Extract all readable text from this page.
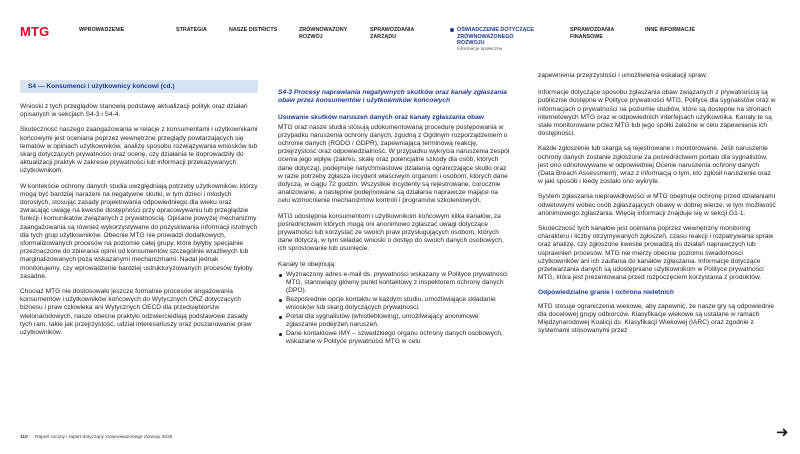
MTG	WPROWADZENIE	STRATEGIA	NASZE DISTRICTS	ZRÓWNOWAŻONY ROZWÓJ
SPRAWOZDANIA ZARZĄDU
OŚWIADCZENIE DOTYCZĄCE ZRÓWNOWAŻONEGO ROZWOJU
Informacje społeczne
SPRAWOZDANIA FINANSOWE
INNE INFORMACJE
S4 — Konsumenci i użytkownicy końcowi (cd.)

Wnioski z tych przeglądów stanowią podstawę aktualizacji polityk oraz działań opisanych w sekcjach S4-3 i S4-4.

Skuteczność naszego zaangażowania w relacje z konsumentami i użytkownikami końcowymi jest oceniana poprzez wewnętrzne przeglądy powtarzających się tematów w opiniach użytkowników, analizę sposobu rozwiązywania wniosków lub skarg dotyczących prywatności oraz ocenę, czy działania te doprowadziły do aktualizacji praktyk w zakresie prywatności lub informacji przekazywanych użytkownikom.

W kontekście ochrony danych studia uwzględniają potrzeby użytkowników, którzy mogą być bardziej narażeni na negatywne skutki, w tym dzieci i młodych dorosłych, stosując zasady projektowania odpowiedniego dla wieku oraz zwracając uwagę na kwestie dostępności przy opracowywaniu lub przeglądzie funkcji i komunikatów związanych z prywatnością. Opisane powyżej mechanizmy zaangażowania są również wykorzystywane do pozyskiwania informacji istotnych dla tych grup użytkowników. Obecnie MTG nie prowadzi dodatkowych, sformalizowanych procesów na poziomie całej grupy, które byłyby specjalnie przeznaczone do zbierania opinii od konsumentów szczególnie wrażliwych lub marginalizowanych poza wskazanymi mechanizmami. Nadal jednak monitorujemy, czy wprowadzenie bardziej ustrukturyzowanych procesów byłoby zasadne.

Chociaż MTG nie dostosowało jeszcze formalnie procesów angażowania konsumentów i użytkowników końcowych do Wytycznych ONZ dotyczących biznesu i praw człowieka ani Wytycznych OECD dla przedsiębiorstw wielonarodowych, nasze obecne praktyki odzwierciedlają podstawowe zasady tych ram, takie jak przejrzystość, udział interesariuszy oraz poszanowanie praw użytkowników.

S4-3 Procesy naprawiania negatywnych skutków oraz kanały zgłaszania obaw przez konsumentów i użytkowników końcowych
Usuwanie skutków naruszeń danych oraz kanały zgłaszania obaw

MTG oraz nasze studia stosują udokumentowaną procedurę postępowania w przypadku naruszenia ochrony danych, zgodną z Ogólnym rozporządzeniem o ochronie danych (RODO / GDPR), zapewniającą terminową reakcję, przejrzystość oraz odpowiedzialność. W przypadku wykrycia naruszenia zespół ocenia jego wpływ (zakres, skalę oraz potencjalne szkody dla osób, których dane dotyczą), podejmuje natychmiastowe działania ograniczające skutki oraz w razie potrzeby zgłasza incydent właściwym organom i osobom, których dane dotyczą, w ciągu 72 godzin. Wszystkie incydenty są rejestrowane, corocznie analizowane, a następnie podejmowane są działania naprawcze mające na celu wzmocnienie mechanizmów kontroli i programów szkoleniowych.

MTG udostępnia konsumentom i użytkownikom końcowym kilka kanałów, za pośrednictwem których mogą oni anonimowo zgłaszać uwagi dotyczące prywatności lub korzystać ze swoich praw przysługujących osobom, których dane dotyczą, w tym składać wnioski o dostęp do swoich danych osobowych, ich sprostowanie lub usunięcie.

Kanały te obejmują:
Wyznaczony adres e-mail ds. prywatności wskazany w Polityce prywatności MTG, stanowiący główny punkt kontaktowy z inspektorem ochrony danych (DPO).
Bezpośrednie opcje kontaktu w każdym studiu, umożliwiające składanie wniosków lub skarg dotyczących prywatności.
Portal dla sygnalistów (whistleblowing), umożliwiający anonimowe zgłaszanie podejrzeń naruszeń.
Dane kontaktowe IMY – szwedzkiego organu ochrony danych osobowych, wskazane w Polityce prywatności MTG w celu

zapewnienia przejrzystości i umożliwienia eskalacji spraw.

Informacje dotyczące sposobu zgłaszania obaw związanych z prywatnością są publicznie dostępne w Polityce prywatności MTG, Polityce dla sygnalistów oraz w informacjach o prywatności na poziomie studiów, które są dostępne na stronach internetowych MTG oraz w odpowiednich interfejsach użytkownika. Kanały te są stale monitorowane przez MTG lub jego spółki zależne w celu zapewnienia ich dostępności.

Każde zgłoszenie lub skarga są rejestrowane i monitorowane. Jeśli naruszenie ochrony danych zostanie zgłoszone za pośrednictwem portalu dla sygnalistów, jest ono odnotowywane w odpowiedniej Ocenie naruszenia ochrony danych (Data Breach Assessment), wraz z informacją o tym, kto zgłosił naruszenie oraz w jaki sposób i kiedy zostało ono wykryte.

System zgłaszania nieprawidłowości w MTG obejmuje ochronę przed działaniami odwetowymi wobec osób zgłaszających obawy w dobrej wierze, w tym możliwość anonimowego zgłaszania. Więcej informacji znajduje się w sekcji G1-1.

Skuteczność tych kanałów jest oceniana poprzez wewnętrzny monitoring charakteru i liczby otrzymywanych zgłoszeń, czasu reakcji i rozpatrywania spraw oraz analizę, czy zgłoszone kwestie prowadzą do działań naprawczych lub usprawnień procesów. MTG nie mierzy obecnie poziomu świadomości użytkowników ani ich zaufania do kanałów zgłaszania. Informacje dotyczące przetwarzania danych są udostępniane użytkownikom w Polityce prywatności MTG, która jest prezentowana przed rozpoczęciem korzystania z produktów.

Odpowiedzialne granie i ochrona nieletnich

MTG stosuje ograniczenia wiekowe, aby zapewnić, że nasze gry są odpowiednie dla docelowej grupy odbiorców. Klasyfikacje wiekowe są ustalane w ramach Międzynarodowej Koalicji ds. Klasyfikacji Wiekowej (IARC) oraz zgodnie z systemami stosowanymi przez

110 Raport roczny i raport dotyczący zrównoważonego rozwoju 2025	➜
